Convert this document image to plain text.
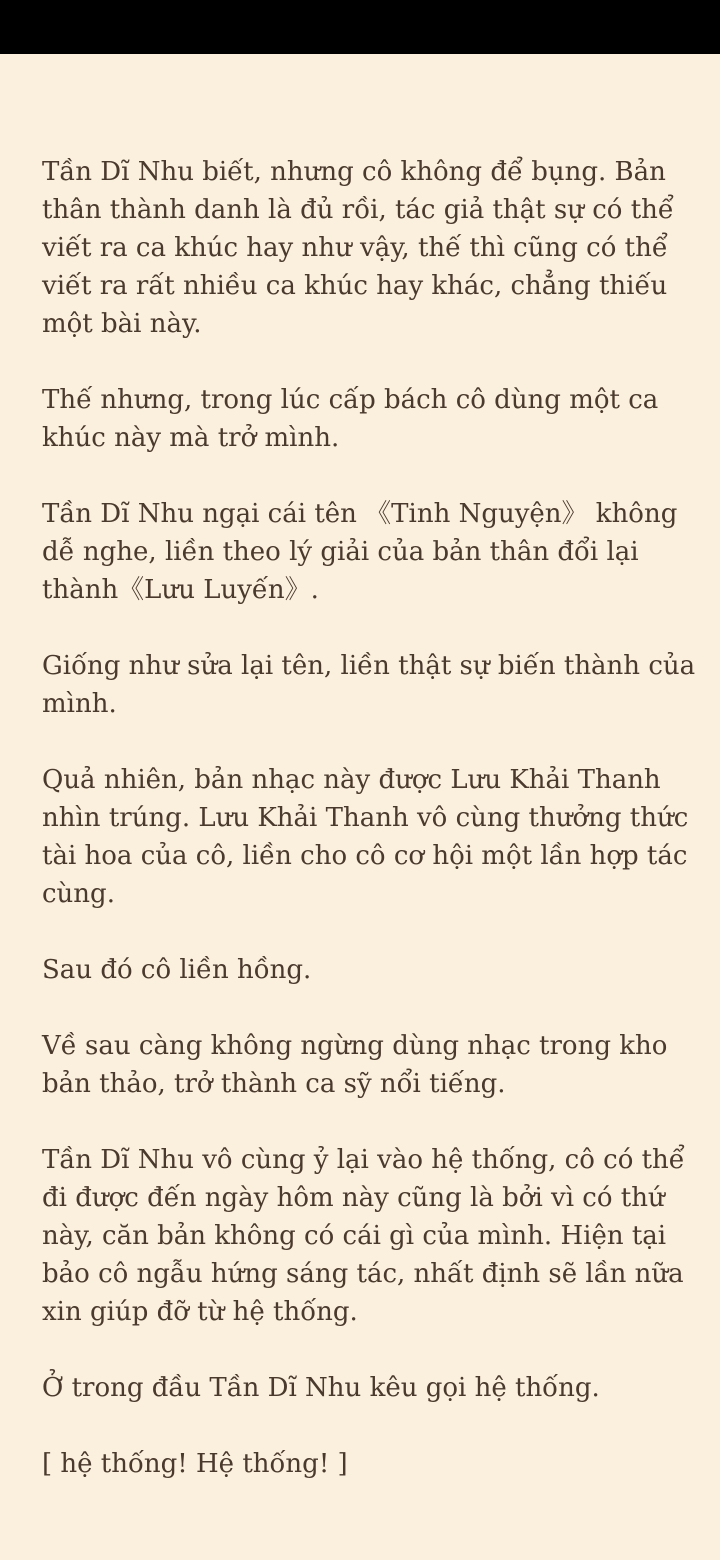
Tần Dĩ Nhu biết, nhưng cô không để bụng. Bản
thân thành danh là đủ rồi, tác giả thật sự có thể
viết ra ca khúc hay như vậy, thế thì cũng có thể
viết ra rất nhiều ca khúc hay khác, chẳng thiếu
một bài này.

Thế nhưng, trong lúc cấp bách cô dùng một ca
khúc này mà trở mình.

Tần Dĩ Nhu ngại cái tên 《Tinh Nguyện》 không
dễ nghe, liền theo lý giải của bản thân đổi lại
thành《Lưu Luyến》.

Giống như sửa lại tên, liền thật sự biến thành của
mình.

Quả nhiên, bản nhạc này được Lưu Khải Thanh
nhìn trúng. Lưu Khải Thanh vô cùng thưởng thức
tài hoa của cô, liền cho cô cơ hội một lần hợp tác
cùng.

Sau đó cô liền hồng.

Về sau càng không ngừng dùng nhạc trong kho
bản thảo, trở thành ca sỹ nổi tiếng.

Tần Dĩ Nhu vô cùng ỷ lại vào hệ thống, cô có thể
đi được đến ngày hôm này cũng là bởi vì có thứ
này, căn bản không có cái gì của mình. Hiện tại
bảo cô ngẫu hứng sáng tác, nhất định sẽ lần nữa
xin giúp đỡ từ hệ thống.

Ở trong đầu Tần Dĩ Nhu kêu gọi hệ thống.

[ hệ thống! Hệ thống! ]
